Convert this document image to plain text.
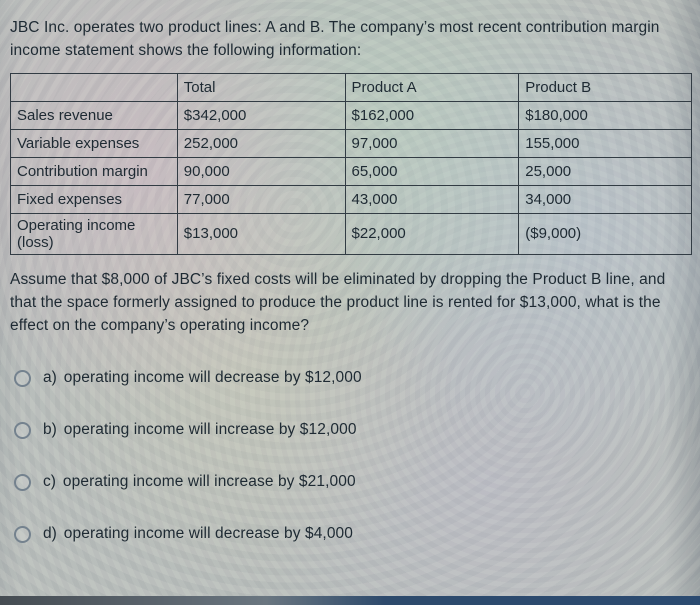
JBC Inc. operates two product lines: A and B. The company’s most recent contribution margin income statement shows the following information:

	Total	Product A	Product B
Sales revenue	$342,000	$162,000	$180,000
Variable expenses	252,000	97,000	155,000
Contribution margin	90,000	65,000	25,000
Fixed expenses	77,000	43,000	34,000
Operating income (loss)	$13,000	$22,000	($9,000)

Assume that $8,000 of JBC’s fixed costs will be eliminated by dropping the Product B line, and that the space formerly assigned to produce the product line is rented for $13,000, what is the effect on the company’s operating income?

a) operating income will decrease by $12,000
b) operating income will increase by $12,000
c) operating income will increase by $21,000
d) operating income will decrease by $4,000
